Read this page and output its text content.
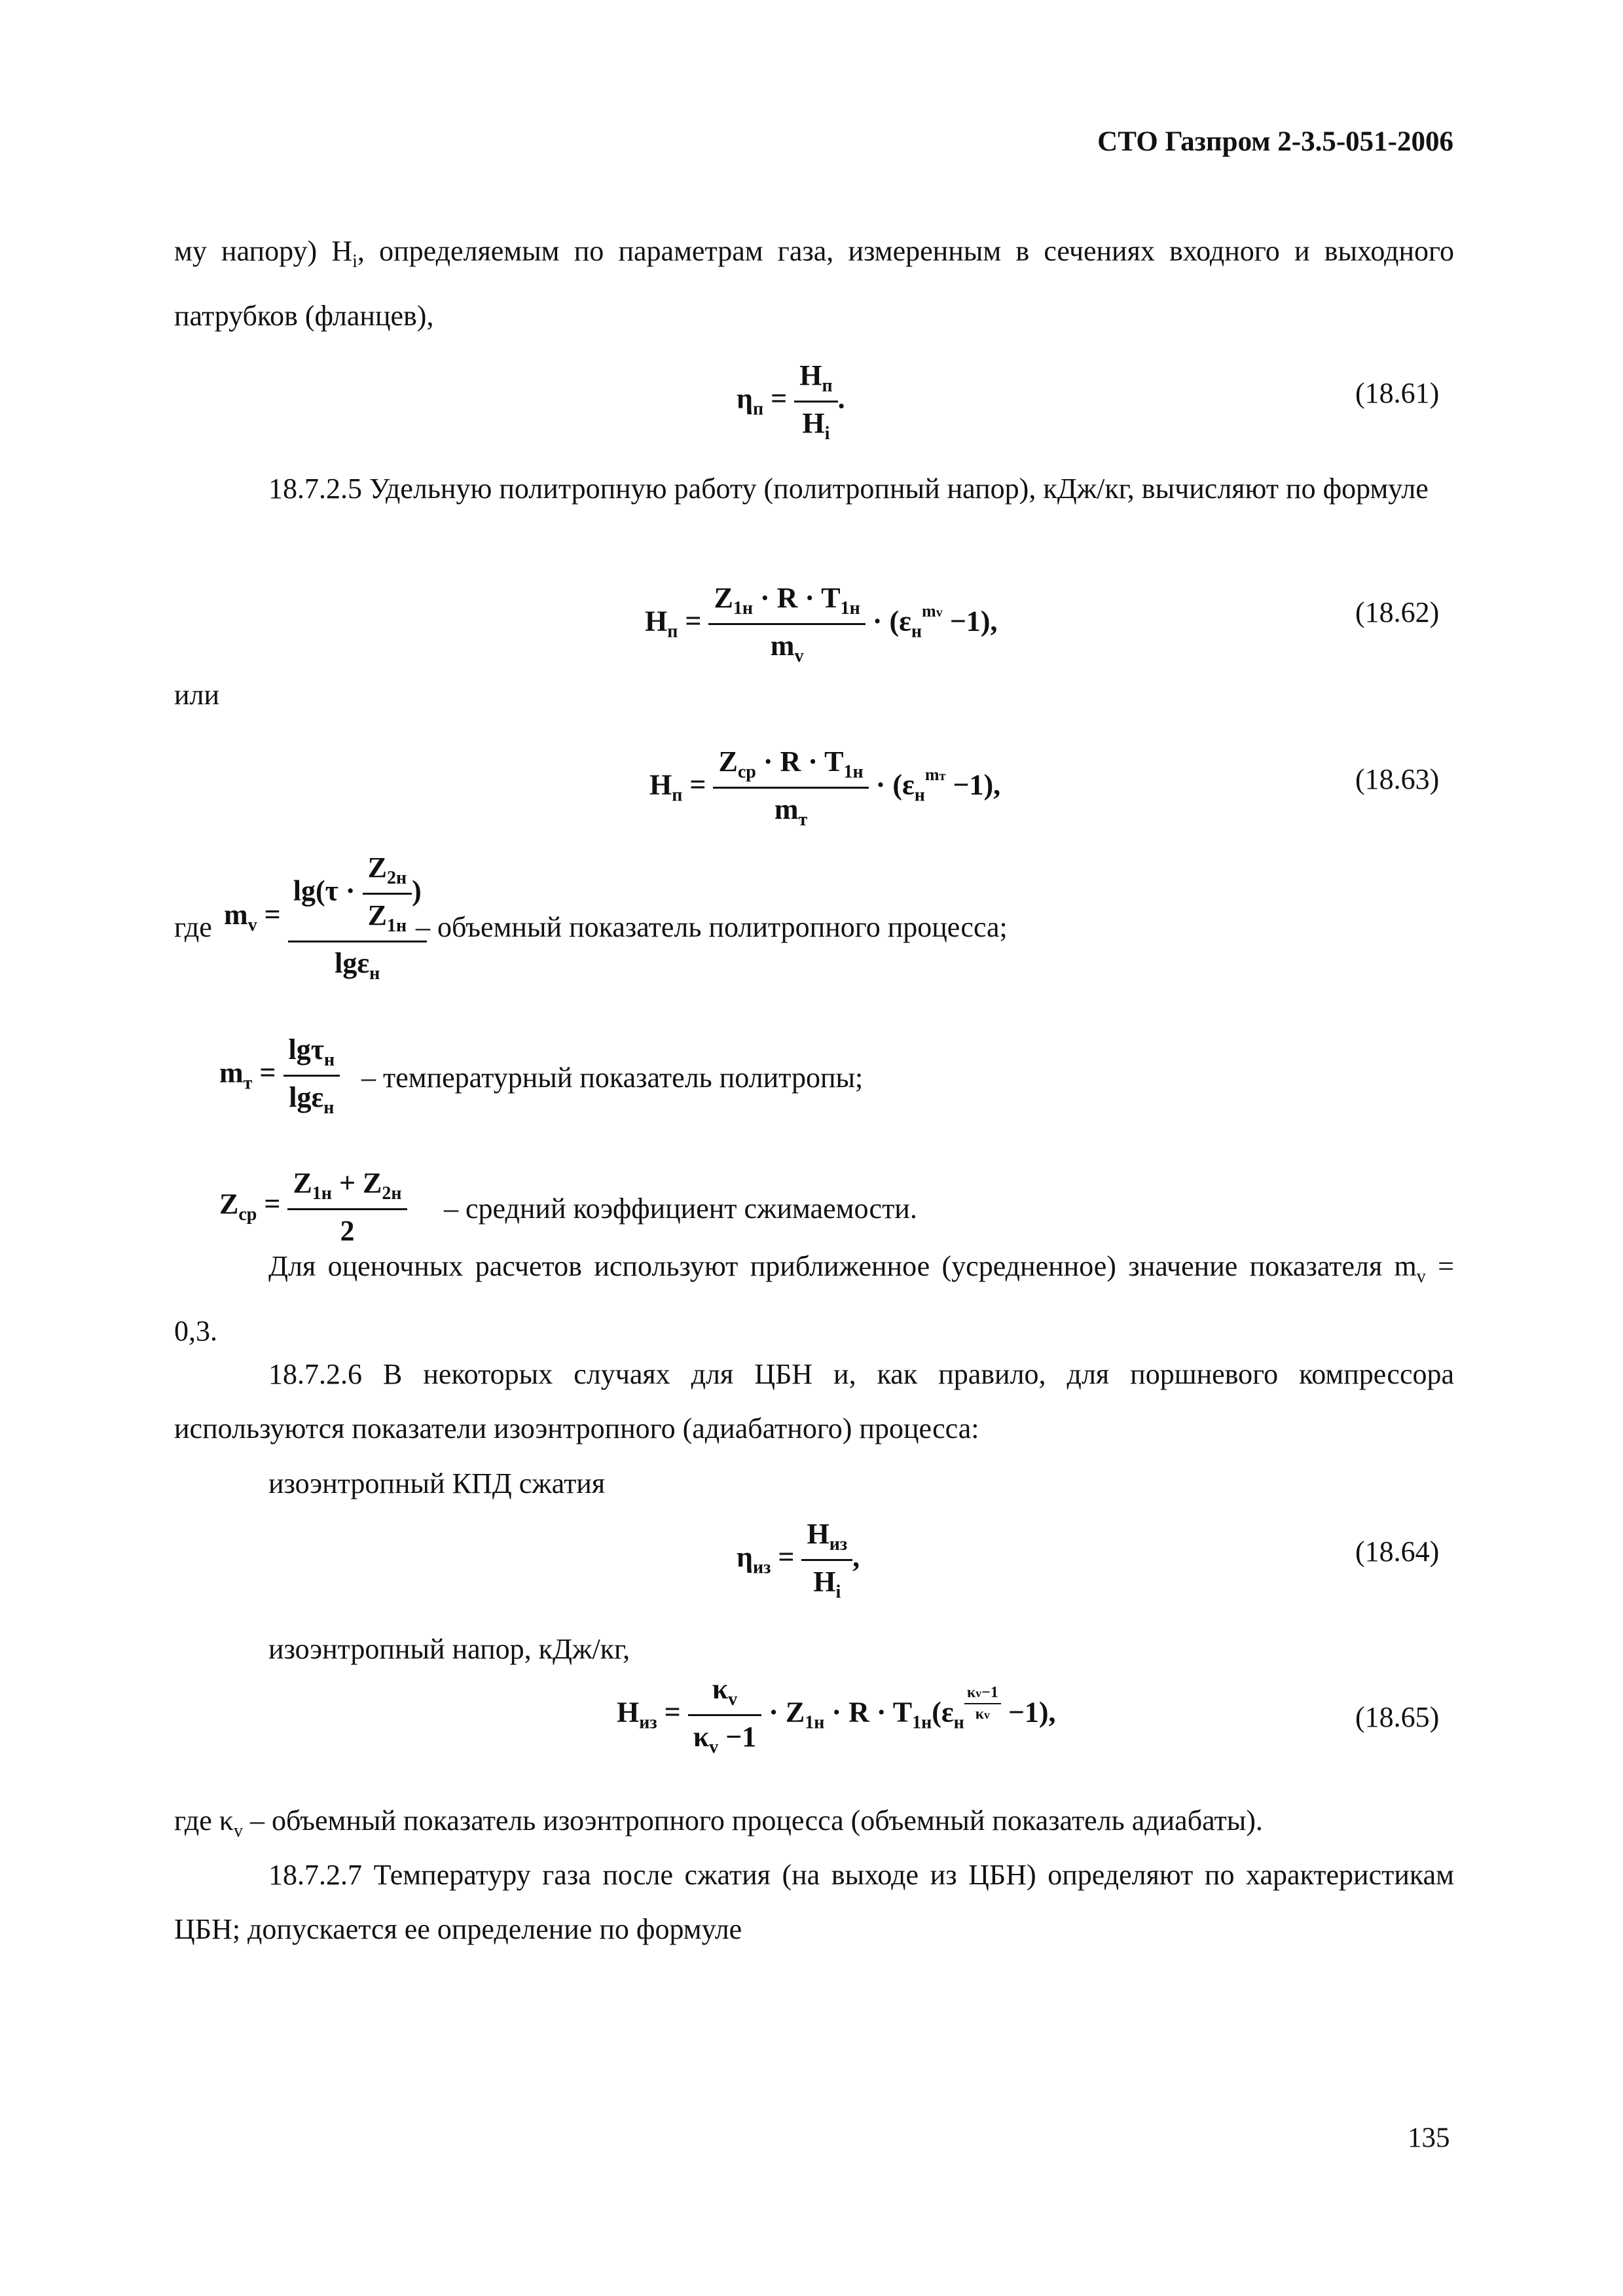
СТО Газпром 2-3.5-051-2006
му напору) $H_i$, определяемым по параметрам газа, измеренным в сечениях входного и выходного патрубков (фланцев),
$\eta_п = \frac{H_п}{H_i}$ .	(18.61)
18.7.2.5 Удельную политропную работу (политропный напор), кДж/кг, вычисляют по формуле
$H_п = \frac{Z_{1н} \cdot R \cdot T_{1н}}{m_v} \cdot (\varepsilon_н^{mv} -1)$,	(18.62)
или
$H_п = \frac{Z_{ср} \cdot R \cdot T_{1н}}{m_т} \cdot (\varepsilon_н^{mт} -1)$,	(18.63)
где $m_v = \frac{\lg(\tau \cdot \frac{Z_{2н}}{Z_{1н}} )}{\lg\varepsilon_н}$
– объемный показатель политропного процесса;
$m_т = \frac{\lg\tau_н}{\lg\varepsilon_н}$ – температурный показатель политропы;
$Z_{ср} = \frac{Z_{1н} + Z_{2н}}{2}$ – средний коэффициент сжимаемости.
Для оценочных расчетов используют приближенное (усредненное) значение показателя $m_v = 0,3$.
18.7.2.6 В некоторых случаях для ЦБН и, как правило, для поршневого компрессора используются показатели изоэнтропного (адиабатного) процесса:
изоэнтропный КПД сжатия
$\eta_{из} = \frac{H_{из}}{H_i}$ ,	(18.64)
изоэнтропный напор, кДж/кг,
$H_{из} = \frac{\kappa_v}{\kappa_v -1} \cdot Z_{1н} \cdot R \cdot T_{1н}(\varepsilon_н$ $^{\frac{\kappa v-1}{\kappa v}}$ −1),	(18.65)
где $\kappa_v$ – объемный показатель изоэнтропного процесса (объемный показатель адиабаты).
18.7.2.7 Температуру газа после сжатия (на выходе из ЦБН) определяют по характеристикам ЦБН; допускается ее определение по формуле
135
